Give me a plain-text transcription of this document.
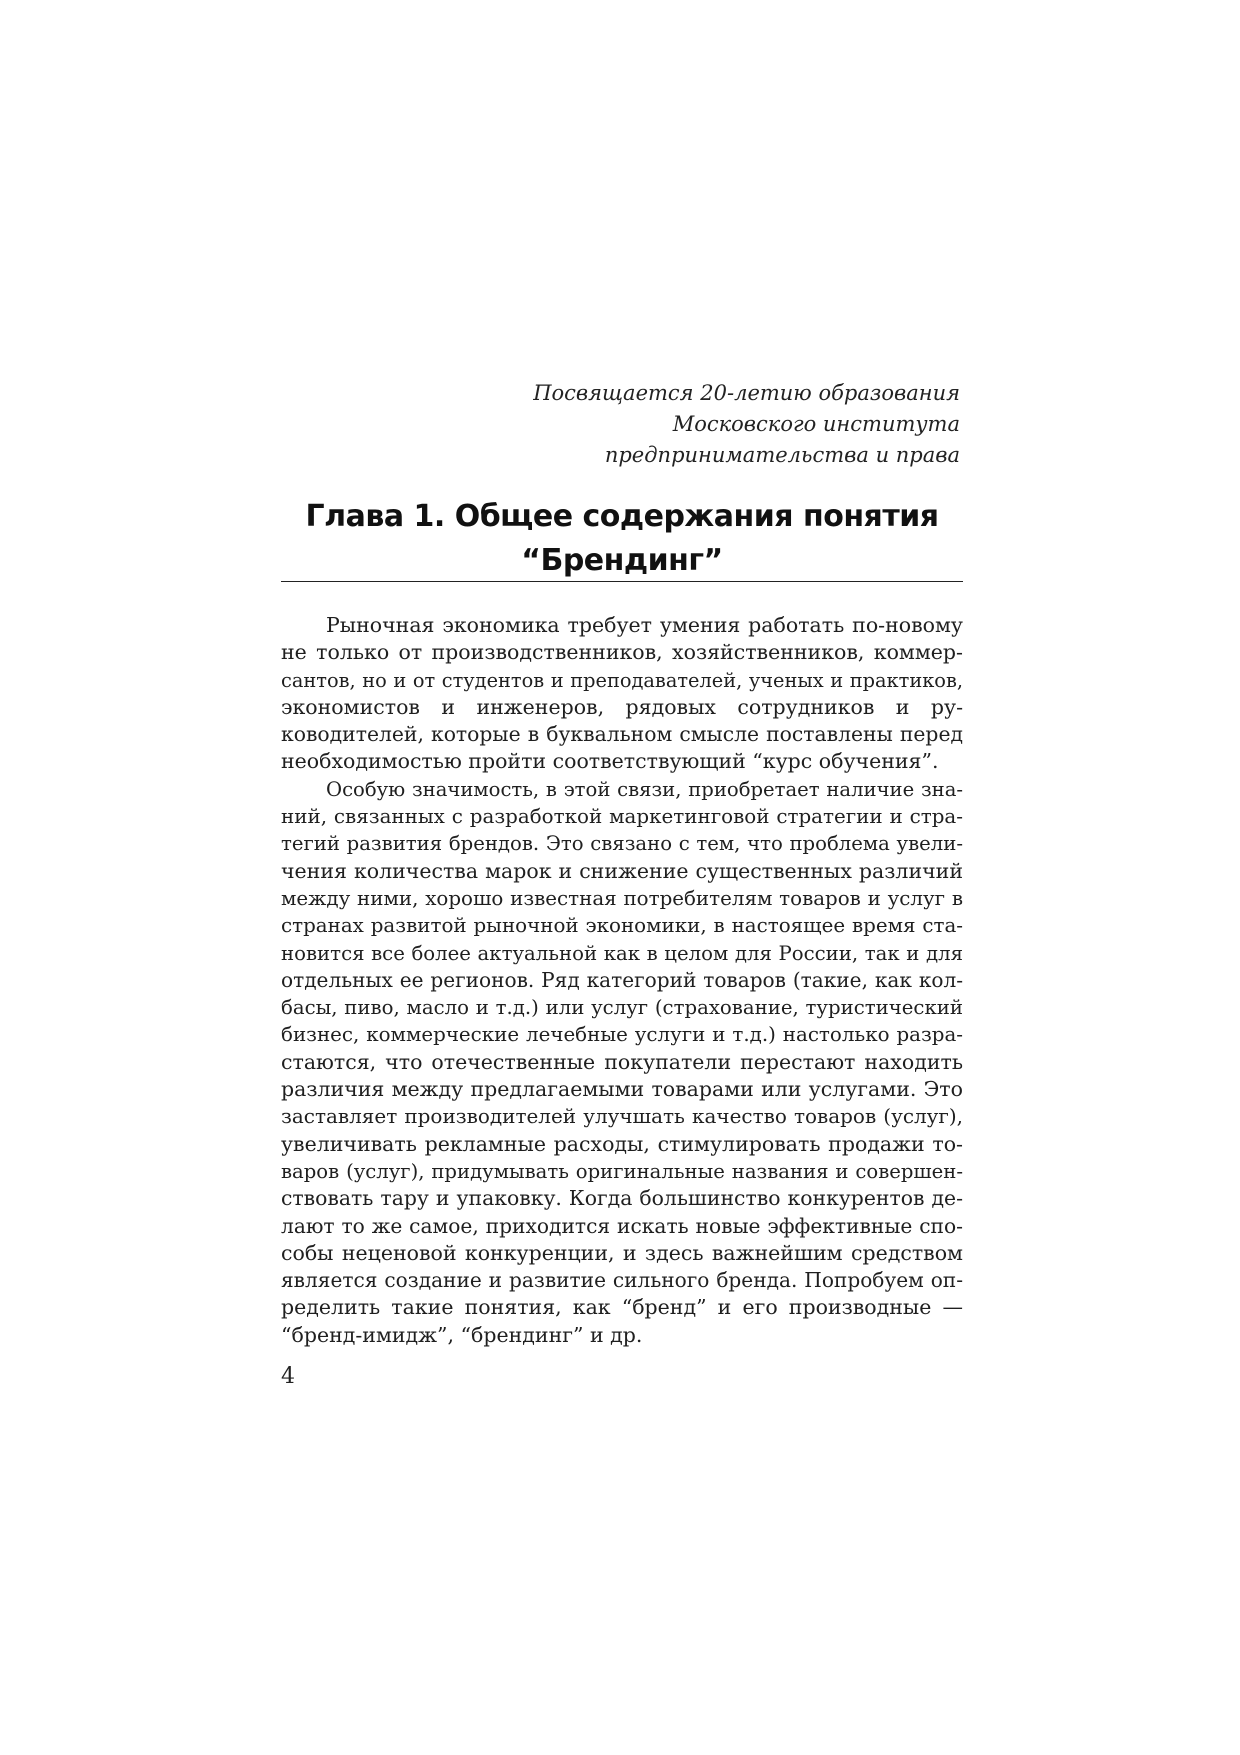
Посвящается 20-летию образования
Московского института
предпринимательства и права
Глава 1. Общее содержания понятия
“Брендинг”
Рыночная экономика требует умения работать по-новому
не только от производственников, хозяйственников, коммер-
сантов, но и от студентов и преподавателей, ученых и практиков,
экономистов и инженеров, рядовых сотрудников и ру-
ководителей, которые в буквальном смысле поставлены перед
необходимостью пройти соответствующий “курс обучения”.
Особую значимость, в этой связи, приобретает наличие зна-
ний, связанных с разработкой маркетинговой стратегии и стра-
тегий развития брендов. Это связано с тем, что проблема увели-
чения количества марок и снижение существенных различий
между ними, хорошо известная потребителям товаров и услуг в
странах развитой рыночной экономики, в настоящее время ста-
новится все более актуальной как в целом для России, так и для
отдельных ее регионов. Ряд категорий товаров (такие, как кол-
басы, пиво, масло и т.д.) или услуг (страхование, туристический
бизнес, коммерческие лечебные услуги и т.д.) настолько разра-
стаются, что отечественные покупатели перестают находить
различия между предлагаемыми товарами или услугами. Это
заставляет производителей улучшать качество товаров (услуг),
увеличивать рекламные расходы, стимулировать продажи то-
варов (услуг), придумывать оригинальные названия и совершен-
ствовать тару и упаковку. Когда большинство конкурентов де-
лают то же самое, приходится искать новые эффективные спо-
собы неценовой конкуренции, и здесь важнейшим средством
является создание и развитие сильного бренда. Попробуем оп-
ределить такие понятия, как “бренд” и его производные —
“бренд-имидж”, “брендинг” и др.
4
